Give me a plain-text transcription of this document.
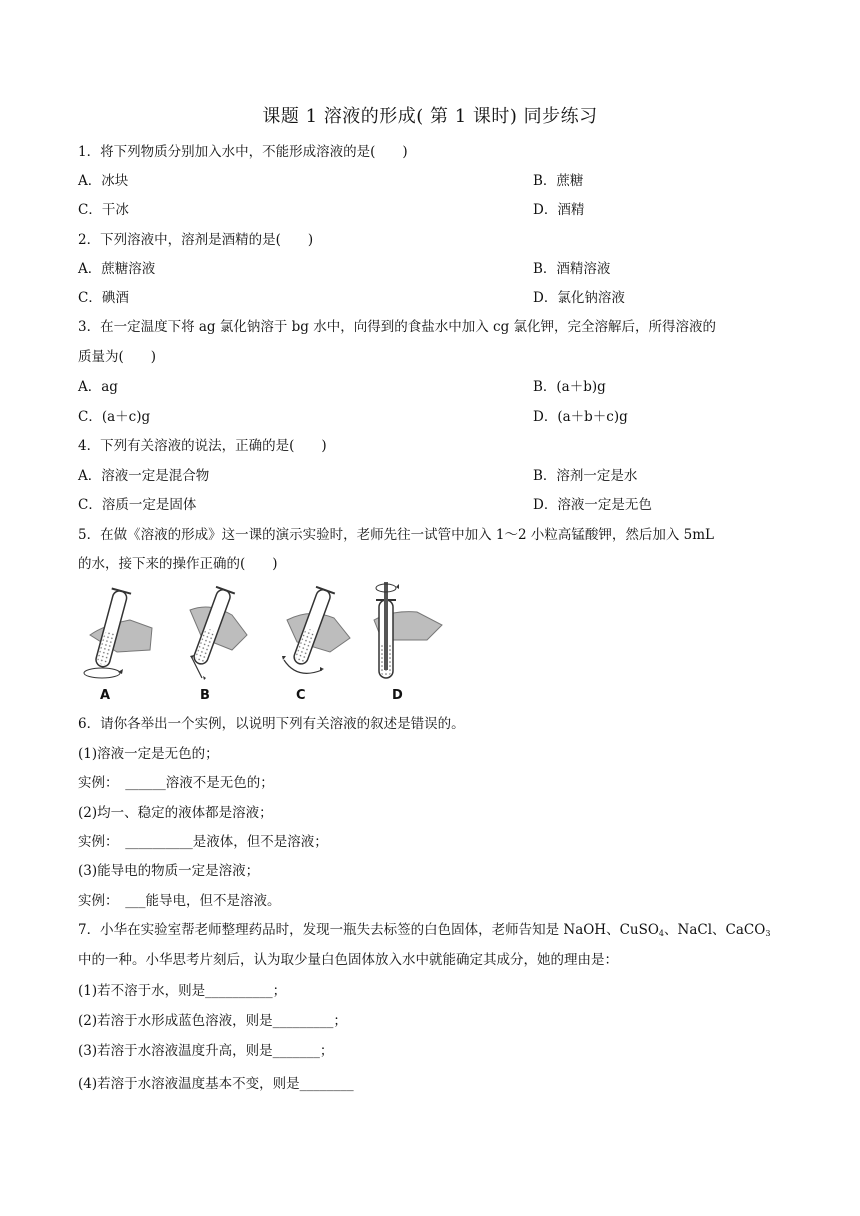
课题 1 溶液的形成( 第 1 课时) 同步练习
1．将下列物质分别加入水中，不能形成溶液的是(　　)
A．冰块	B．蔗糖
C．干冰	D．酒精
2．下列溶液中，溶剂是酒精的是(　　)
A．蔗糖溶液	B．酒精溶液
C．碘酒	D．氯化钠溶液
3．在一定温度下将 ag 氯化钠溶于 bg 水中，向得到的食盐水中加入 cg 氯化钾，完全溶解后，所得溶液的
质量为(　　)
A．ag	B．(a＋b)g
C．(a＋c)g	D．(a＋b＋c)g
4．下列有关溶液的说法，正确的是(　　)
A．溶液一定是混合物	B．溶剂一定是水
C．溶质一定是固体	D．溶液一定是无色
5．在做《溶液的形成》这一课的演示实验时，老师先往一试管中加入 1～2 小粒高锰酸钾，然后加入 5mL
的水，接下来的操作正确的(　　)
A	B	C	D
6．请你各举出一个实例，以说明下列有关溶液的叙述是错误的。
(1)溶液一定是无色的；
实例：　______溶液不是无色的；
(2)均一、稳定的液体都是溶液；
实例：　__________是液体，但不是溶液；
(3)能导电的物质一定是溶液；
实例：　___能导电，但不是溶液。
7．小华在实验室帮老师整理药品时，发现一瓶失去标签的白色固体，老师告知是 NaOH、CuSO$_4$、NaCl、CaCO$_3$
中的一种。小华思考片刻后，认为取少量白色固体放入水中就能确定其成分，她的理由是：
(1)若不溶于水，则是__________；
(2)若溶于水形成蓝色溶液，则是_________；
(3)若溶于水溶液温度升高，则是_______；
(4)若溶于水溶液温度基本不变，则是________
